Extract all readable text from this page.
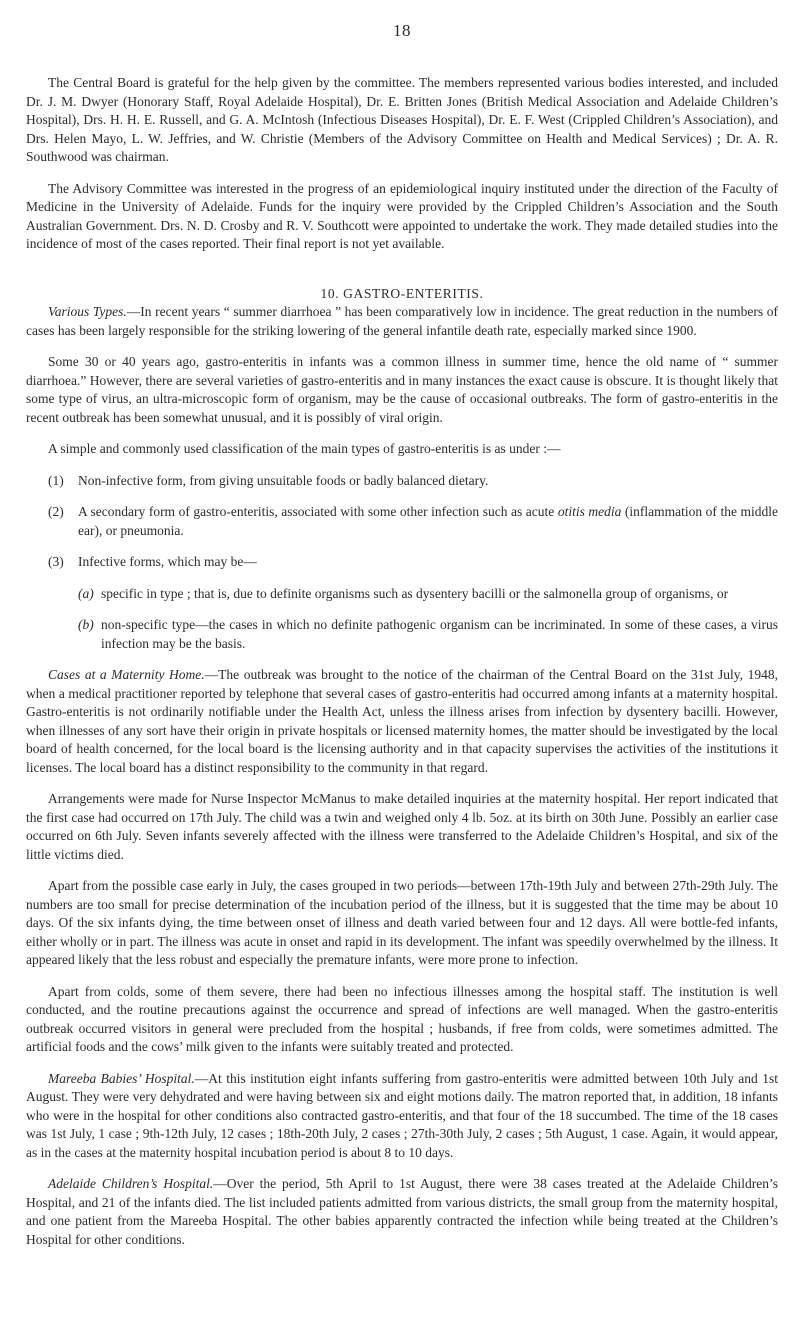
18

The Central Board is grateful for the help given by the committee. The members represented various bodies interested, and included Dr. J. M. Dwyer (Honorary Staff, Royal Adelaide Hospital), Dr. E. Britten Jones (British Medical Association and Adelaide Children’s Hospital), Drs. H. H. E. Russell, and G. A. McIntosh (Infectious Diseases Hospital), Dr. E. F. West (Crippled Children’s Association), and Drs. Helen Mayo, L. W. Jeffries, and W. Christie (Members of the Advisory Committee on Health and Medical Services) ; Dr. A. R. Southwood was chairman.

The Advisory Committee was interested in the progress of an epidemiological inquiry instituted under the direction of the Faculty of Medicine in the University of Adelaide. Funds for the inquiry were provided by the Crippled Children’s Association and the South Australian Government. Drs. N. D. Crosby and R. V. Southcott were appointed to undertake the work. They made detailed studies into the incidence of most of the cases reported. Their final report is not yet available.

10. GASTRO-ENTERITIS.

Various Types.—In recent years “ summer diarrhoea ” has been comparatively low in incidence. The great reduction in the numbers of cases has been largely responsible for the striking lowering of the general infantile death rate, especially marked since 1900.

Some 30 or 40 years ago, gastro-enteritis in infants was a common illness in summer time, hence the old name of “ summer diarrhoea.” However, there are several varieties of gastro-enteritis and in many instances the exact cause is obscure. It is thought likely that some type of virus, an ultra-microscopic form of organism, may be the cause of occasional outbreaks. The form of gastro-enteritis in the recent outbreak has been somewhat unusual, and it is possibly of viral origin.

A simple and commonly used classification of the main types of gastro-enteritis is as under :—

(1) Non-infective form, from giving unsuitable foods or badly balanced dietary.
(2) A secondary form of gastro-enteritis, associated with some other infection such as acute otitis media (inflammation of the middle ear), or pneumonia.
(3) Infective forms, which may be—
(a) specific in type ; that is, due to definite organisms such as dysentery bacilli or the salmonella group of organisms, or
(b) non-specific type—the cases in which no definite pathogenic organism can be incriminated. In some of these cases, a virus infection may be the basis.

Cases at a Maternity Home.—The outbreak was brought to the notice of the chairman of the Central Board on the 31st July, 1948, when a medical practitioner reported by telephone that several cases of gastro-enteritis had occurred among infants at a maternity hospital. Gastro-enteritis is not ordinarily notifiable under the Health Act, unless the illness arises from infection by dysentery bacilli. However, when illnesses of any sort have their origin in private hospitals or licensed maternity homes, the matter should be investigated by the local board of health concerned, for the local board is the licensing authority and in that capacity supervises the activities of the institutions it licenses. The local board has a distinct responsibility to the community in that regard.

Arrangements were made for Nurse Inspector McManus to make detailed inquiries at the maternity hospital. Her report indicated that the first case had occurred on 17th July. The child was a twin and weighed only 4 lb. 5oz. at its birth on 30th June. Possibly an earlier case occurred on 6th July. Seven infants severely affected with the illness were transferred to the Adelaide Children’s Hospital, and six of the little victims died.

Apart from the possible case early in July, the cases grouped in two periods—between 17th-19th July and between 27th-29th July. The numbers are too small for precise determination of the incubation period of the illness, but it is suggested that the time may be about 10 days. Of the six infants dying, the time between onset of illness and death varied between four and 12 days. All were bottle-fed infants, either wholly or in part. The illness was acute in onset and rapid in its development. The infant was speedily overwhelmed by the illness. It appeared likely that the less robust and especially the premature infants, were more prone to infection.

Apart from colds, some of them severe, there had been no infectious illnesses among the hospital staff. The institution is well conducted, and the routine precautions against the occurrence and spread of infections are well managed. When the gastro-enteritis outbreak occurred visitors in general were precluded from the hospital ; husbands, if free from colds, were sometimes admitted. The artificial foods and the cows’ milk given to the infants were suitably treated and protected.

Mareeba Babies’ Hospital.—At this institution eight infants suffering from gastro-enteritis were admitted between 10th July and 1st August. They were very dehydrated and were having between six and eight motions daily. The matron reported that, in addition, 18 infants who were in the hospital for other conditions also contracted gastro-enteritis, and that four of the 18 succumbed. The time of the 18 cases was 1st July, 1 case ; 9th-12th July, 12 cases ; 18th-20th July, 2 cases ; 27th-30th July, 2 cases ; 5th August, 1 case. Again, it would appear, as in the cases at the maternity hospital incubation period is about 8 to 10 days.

Adelaide Children’s Hospital.—Over the period, 5th April to 1st August, there were 38 cases treated at the Adelaide Children’s Hospital, and 21 of the infants died. The list included patients admitted from various districts, the small group from the maternity hospital, and one patient from the Mareeba Hospital. The other babies apparently contracted the infection while being treated at the Children’s Hospital for other conditions.
